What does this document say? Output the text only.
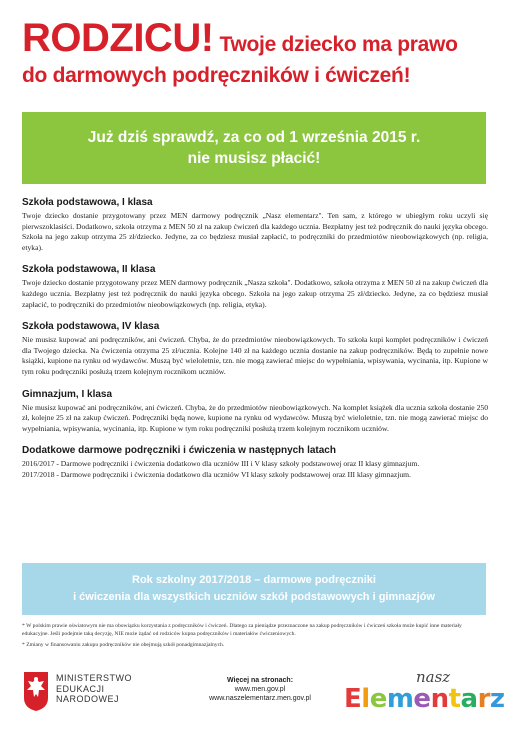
RODZICU! Twoje dziecko ma prawo
do darmowych podręczników i ćwiczeń!
Już dziś sprawdź, za co od 1 września 2015 r.
nie musisz płacić!
Szkoła podstawowa, I klasa

Twoje dziecko dostanie przygotowany przez MEN darmowy podręcznik „Nasz elementarz". Ten sam, z którego w ubiegłym roku uczyli się pierwszoklasiści. Dodatkowo, szkoła otrzyma z MEN 50 zł na zakup ćwiczeń dla każdego ucznia. Bezpłatny jest też podręcznik do nauki języka obcego. Szkoła na jego zakup otrzyma 25 zł/dziecko. Jedyne, za co będziesz musiał zapłacić, to podręczniki do przedmiotów nieobowiązkowych (np. religia, etyka).

Szkoła podstawowa, II klasa

Twoje dziecko dostanie przygotowany przez MEN darmowy podręcznik „Nasza szkoła". Dodatkowo, szkoła otrzyma z MEN 50 zł na zakup ćwiczeń dla każdego ucznia. Bezpłatny jest też podręcznik do nauki języka obcego. Szkoła na jego zakup otrzyma 25 zł/dziecko. Jedyne, za co będziesz musiał zapłacić, to podręczniki do przedmiotów nieobowiązkowych (np. religia, etyka).

Szkoła podstawowa, IV klasa

Nie musisz kupować ani podręczników, ani ćwiczeń. Chyba, że do przedmiotów nieobowiązkowych. To szkoła kupi komplet podręczników i ćwiczeń dla Twojego dziecka. Na ćwiczenia otrzyma 25 zł/ucznia. Kolejne 140 zł na każdego ucznia dostanie na zakup podręczników. Będą to zupełnie nowe książki, kupione na rynku od wydawców. Muszą być wieloletnie, tzn. nie mogą zawierać miejsc do wypełniania, wpisywania, wycinania, itp. Kupione w tym roku podręczniki posłużą trzem kolejnym rocznikom uczniów.

Gimnazjum, I klasa

Nie musisz kupować ani podręczników, ani ćwiczeń. Chyba, że do przedmiotów nieobowiązkowych. Na komplet książek dla ucznia szkoła dostanie 250 zł, kolejne 25 zł na zakup ćwiczeń. Podręczniki będą nowe, kupione na rynku od wydawców. Muszą być wieloletnie, tzn. nie mogą zawierać miejsc do wypełniania, wpisywania, wycinania, itp. Kupione w tym roku podręczniki posłużą trzem kolejnym rocznikom uczniów.

Dodatkowe darmowe podręczniki i ćwiczenia w następnych latach

2016/2017 - Darmowe podręczniki i ćwiczenia dodatkowo dla uczniów III i V klasy szkoły podstawowej oraz II klasy gimnazjum.

2017/2018 - Darmowe podręczniki i ćwiczenia dodatkowo dla uczniów VI klasy szkoły podstawowej oraz III klasy gimnazjum.

Rok szkolny 2017/2018 – darmowe podręczniki
i ćwiczenia dla wszystkich uczniów szkół podstawowych i gimnazjów

* W polskim prawie oświatowym nie ma obowiązku korzystania z podręczników i ćwiczeń. Dlatego za pieniądze przeznaczone na zakup podręczników i ćwiczeń szkoła może kupić inne materiały edukacyjne. Jeśli podejmie taką decyzję, NIE może żądać od rodziców kupna podręczników i materiałów ćwiczeniowych.

* Zmiany w finansowaniu zakupu podręczników nie obejmują szkół ponadgimnazjalnych.

MINISTERSTWO
EDUKACJI
NARODOWEJ
Więcej na stronach:
www.men.gov.pl
www.naszelementarz.men.gov.pl
nasz
Elementarz
